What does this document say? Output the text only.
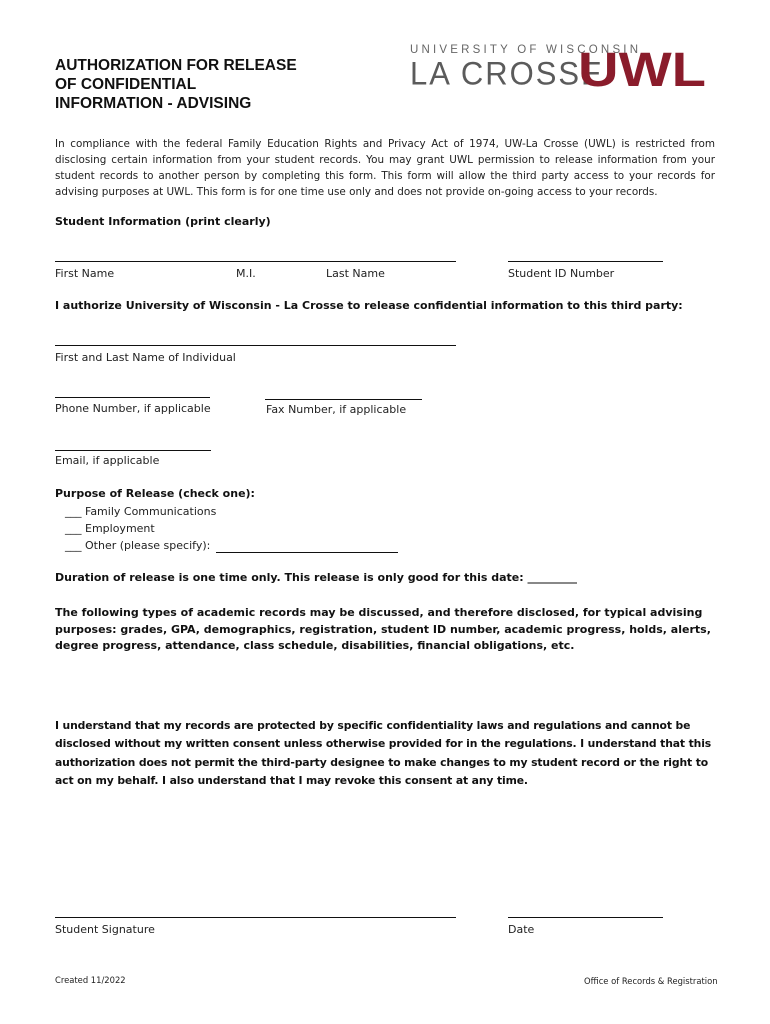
AUTHORIZATION FOR RELEASE
OF CONFIDENTIAL
INFORMATION - ADVISING
UNIVERSITY OF WISCONSIN
LA CROSSE
UWL
In compliance with the federal Family Education Rights and Privacy Act of 1974, UW-La Crosse (UWL) is restricted from disclosing certain information from your student records. You may grant UWL permission to release information from your student records to another person by completing this form. This form will allow the third party access to your records for advising purposes at UWL. This form is for one time use only and does not provide on-going access to your records.
Student Information (print clearly)
First Name	M.I.	Last Name	Student ID Number
I authorize University of Wisconsin - La Crosse to release confidential information to this third party:
First and Last Name of Individual
Phone Number, if applicable	Fax Number, if applicable
Email, if applicable
Purpose of Release (check one):
___ Family Communications
___ Employment
___ Other (please specify):
Duration of release is one time only. This release is only good for this date: _________
The following types of academic records may be discussed, and therefore disclosed, for typical advising purposes: grades, GPA, demographics, registration, student ID number, academic progress, holds, alerts, degree progress, attendance, class schedule, disabilities, financial obligations, etc.
I understand that my records are protected by specific confidentiality laws and regulations and cannot be disclosed without my written consent unless otherwise provided for in the regulations. I understand that this authorization does not permit the third-party designee to make changes to my student record or the right to act on my behalf. I also understand that I may revoke this consent at any time.
Student Signature	Date
Created 11/2022	Office of Records & Registration
